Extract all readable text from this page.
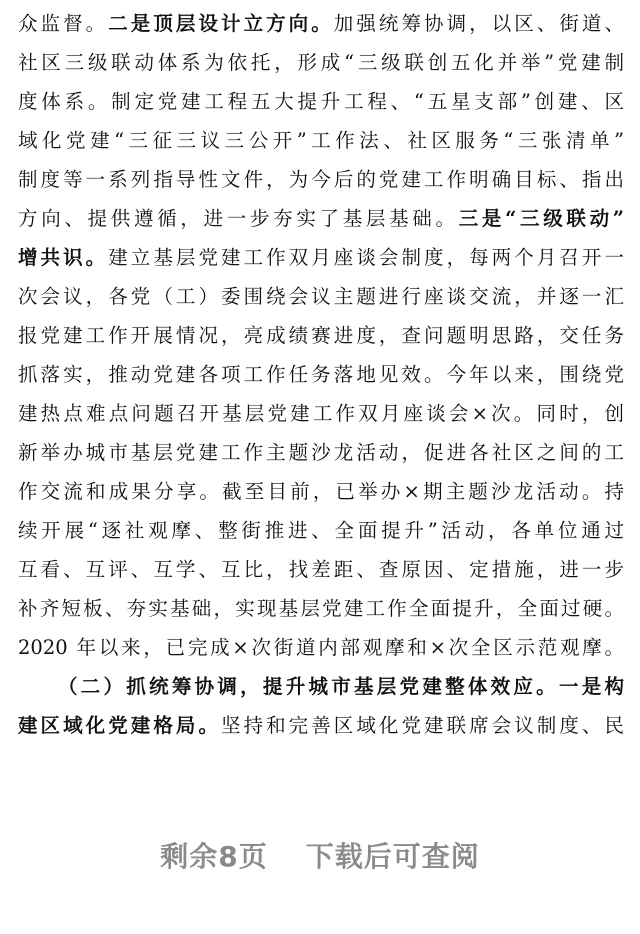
众监督。二是顶层设计立方向。加强统筹协调，以区、街道、
社区三级联动体系为依托，形成“三级联创五化并举”党建制
度体系。制定党建工程五大提升工程、“五星支部”创建、区
域化党建“三征三议三公开”工作法、社区服务“三张清单”
制度等一系列指导性文件，为今后的党建工作明确目标、指出
方向、提供遵循，进一步夯实了基层基础。三是“三级联动”
增共识。建立基层党建工作双月座谈会制度，每两个月召开一
次会议，各党（工）委围绕会议主题进行座谈交流，并逐一汇
报党建工作开展情况，亮成绩赛进度，查问题明思路，交任务
抓落实，推动党建各项工作任务落地见效。今年以来，围绕党
建热点难点问题召开基层党建工作双月座谈会×次。同时，创
新举办城市基层党建工作主题沙龙活动，促进各社区之间的工
作交流和成果分享。截至目前，已举办×期主题沙龙活动。持
续开展“逐社观摩、整街推进、全面提升”活动，各单位通过
互看、互评、互学、互比，找差距、查原因、定措施，进一步
补齐短板、夯实基础，实现基层党建工作全面提升，全面过硬。
2020 年以来，已完成×次街道内部观摩和×次全区示范观摩。
（二）抓统筹协调，提升城市基层党建整体效应。一是构
建区域化党建格局。坚持和完善区域化党建联席会议制度、民
剩余8页 下载后可查阅
